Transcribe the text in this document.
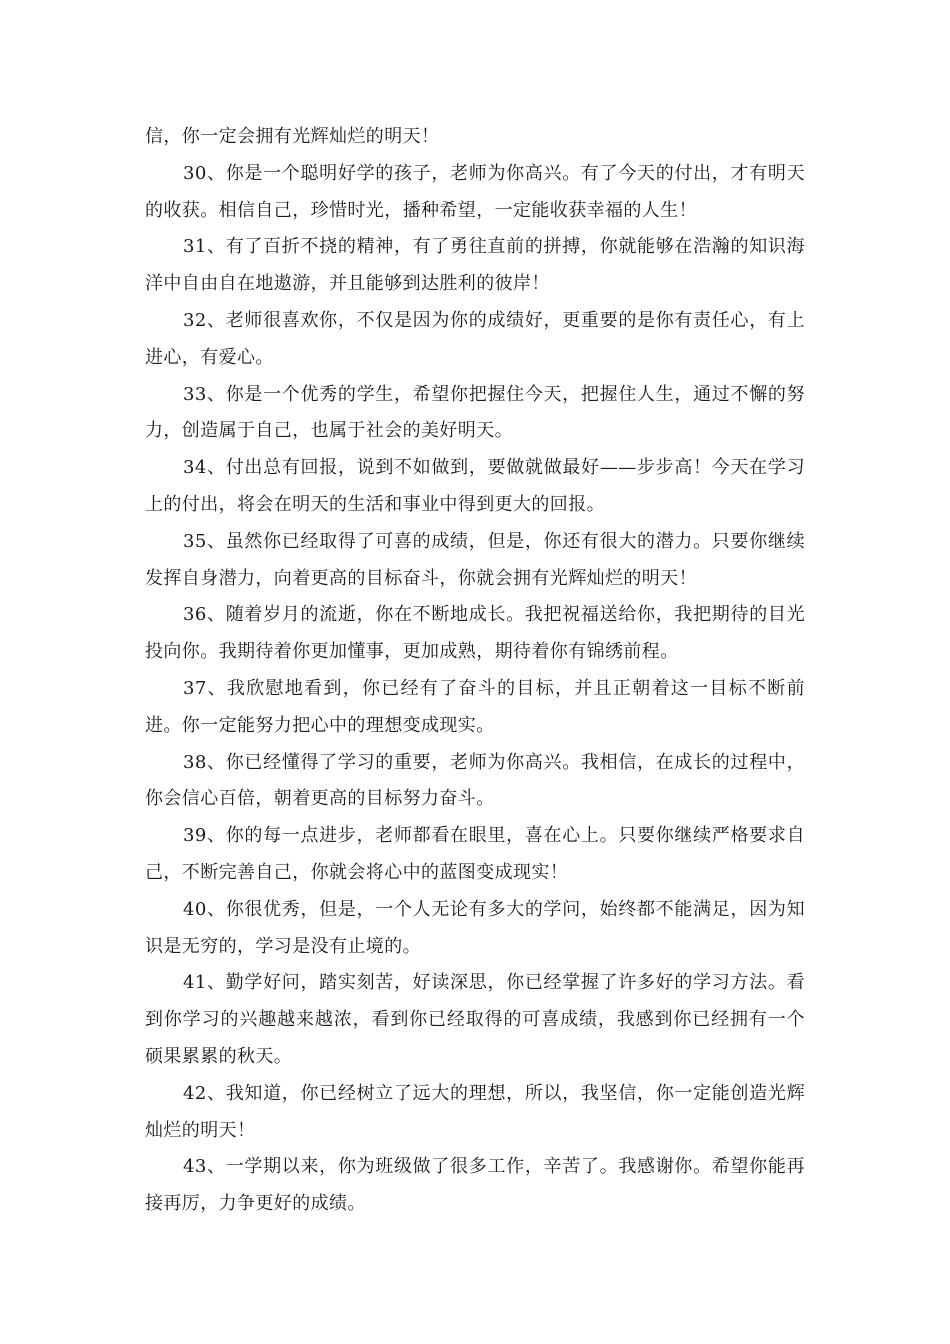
信，你一定会拥有光辉灿烂的明天！

30、你是一个聪明好学的孩子，老师为你高兴。有了今天的付出，才有明天的收获。相信自己，珍惜时光，播种希望，一定能收获幸福的人生！

31、有了百折不挠的精神，有了勇往直前的拼搏，你就能够在浩瀚的知识海洋中自由自在地遨游，并且能够到达胜利的彼岸！

32、老师很喜欢你，不仅是因为你的成绩好，更重要的是你有责任心，有上进心，有爱心。

33、你是一个优秀的学生，希望你把握住今天，把握住人生，通过不懈的努力，创造属于自己，也属于社会的美好明天。

34、付出总有回报，说到不如做到，要做就做最好——步步高！今天在学习上的付出，将会在明天的生活和事业中得到更大的回报。

35、虽然你已经取得了可喜的成绩，但是，你还有很大的潜力。只要你继续发挥自身潜力，向着更高的目标奋斗，你就会拥有光辉灿烂的明天！

36、随着岁月的流逝，你在不断地成长。我把祝福送给你，我把期待的目光投向你。我期待着你更加懂事，更加成熟，期待着你有锦绣前程。

37、我欣慰地看到，你已经有了奋斗的目标，并且正朝着这一目标不断前进。你一定能努力把心中的理想变成现实。

38、你已经懂得了学习的重要，老师为你高兴。我相信，在成长的过程中，你会信心百倍，朝着更高的目标努力奋斗。

39、你的每一点进步，老师都看在眼里，喜在心上。只要你继续严格要求自己，不断完善自己，你就会将心中的蓝图变成现实！

40、你很优秀，但是，一个人无论有多大的学问，始终都不能满足，因为知识是无穷的，学习是没有止境的。

41、勤学好问，踏实刻苦，好读深思，你已经掌握了许多好的学习方法。看到你学习的兴趣越来越浓，看到你已经取得的可喜成绩，我感到你已经拥有一个硕果累累的秋天。

42、我知道，你已经树立了远大的理想，所以，我坚信，你一定能创造光辉灿烂的明天！

43、一学期以来，你为班级做了很多工作，辛苦了。我感谢你。希望你能再接再厉，力争更好的成绩。
